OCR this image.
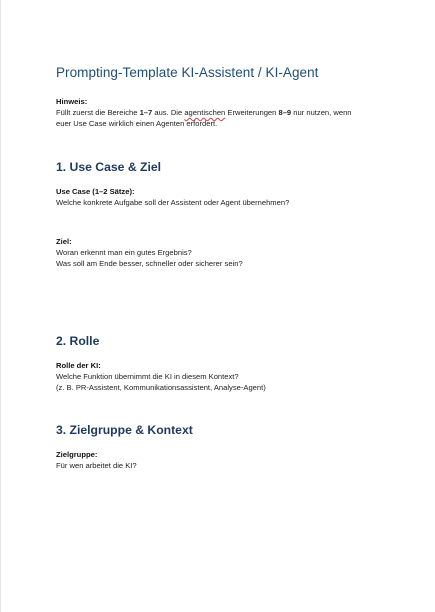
Prompting-Template KI-Assistent / KI-Agent
Hinweis:
Füllt zuerst die Bereiche 1–7 aus. Die agentischen Erweiterungen 8–9 nur nutzen, wenn
euer Use Case wirklich einen Agenten erfordert.
1. Use Case & Ziel
Use Case (1–2 Sätze):
Welche konkrete Aufgabe soll der Assistent oder Agent übernehmen?
Ziel:
Woran erkennt man ein gutes Ergebnis?
Was soll am Ende besser, schneller oder sicherer sein?
2. Rolle
Rolle der KI:
Welche Funktion übernimmt die KI in diesem Kontext?
(z. B. PR-Assistent, Kommunikationsassistent, Analyse-Agent)
3. Zielgruppe & Kontext
Zielgruppe:
Für wen arbeitet die KI?
